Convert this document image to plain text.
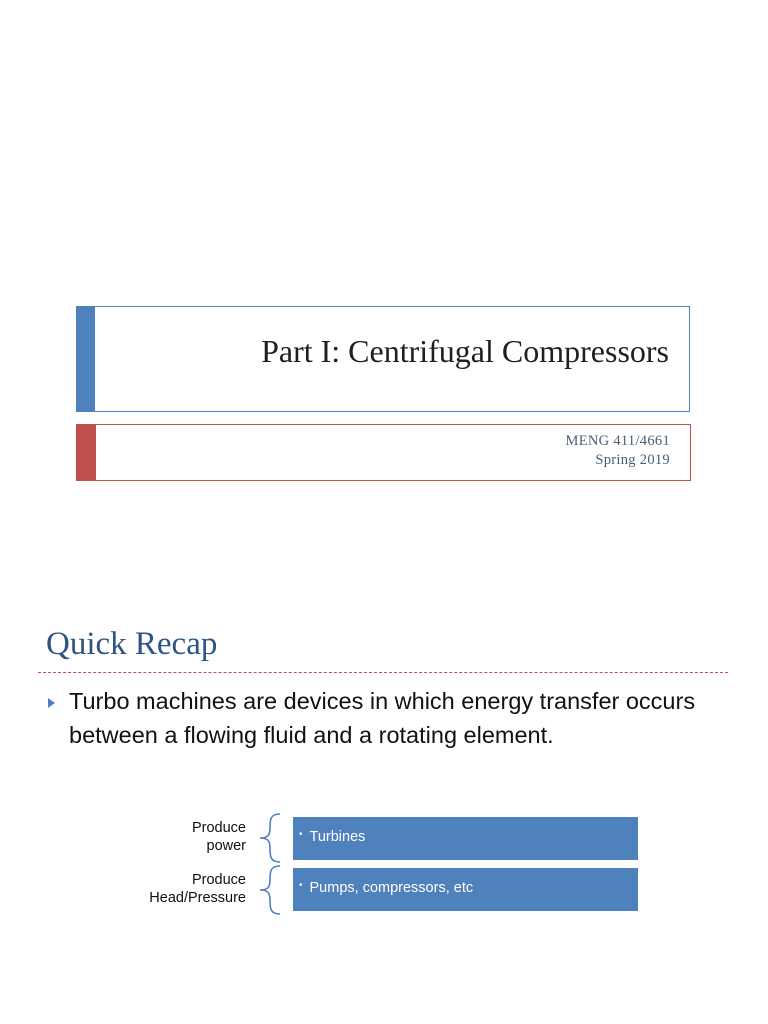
Part I: Centrifugal Compressors
MENG 411/4661
Spring 2019
Quick Recap
Turbo machines are devices in which energy transfer occurs between a flowing fluid and a rotating element.
Produce
power
• Turbines
Produce
Head/Pressure
• Pumps, compressors, etc
